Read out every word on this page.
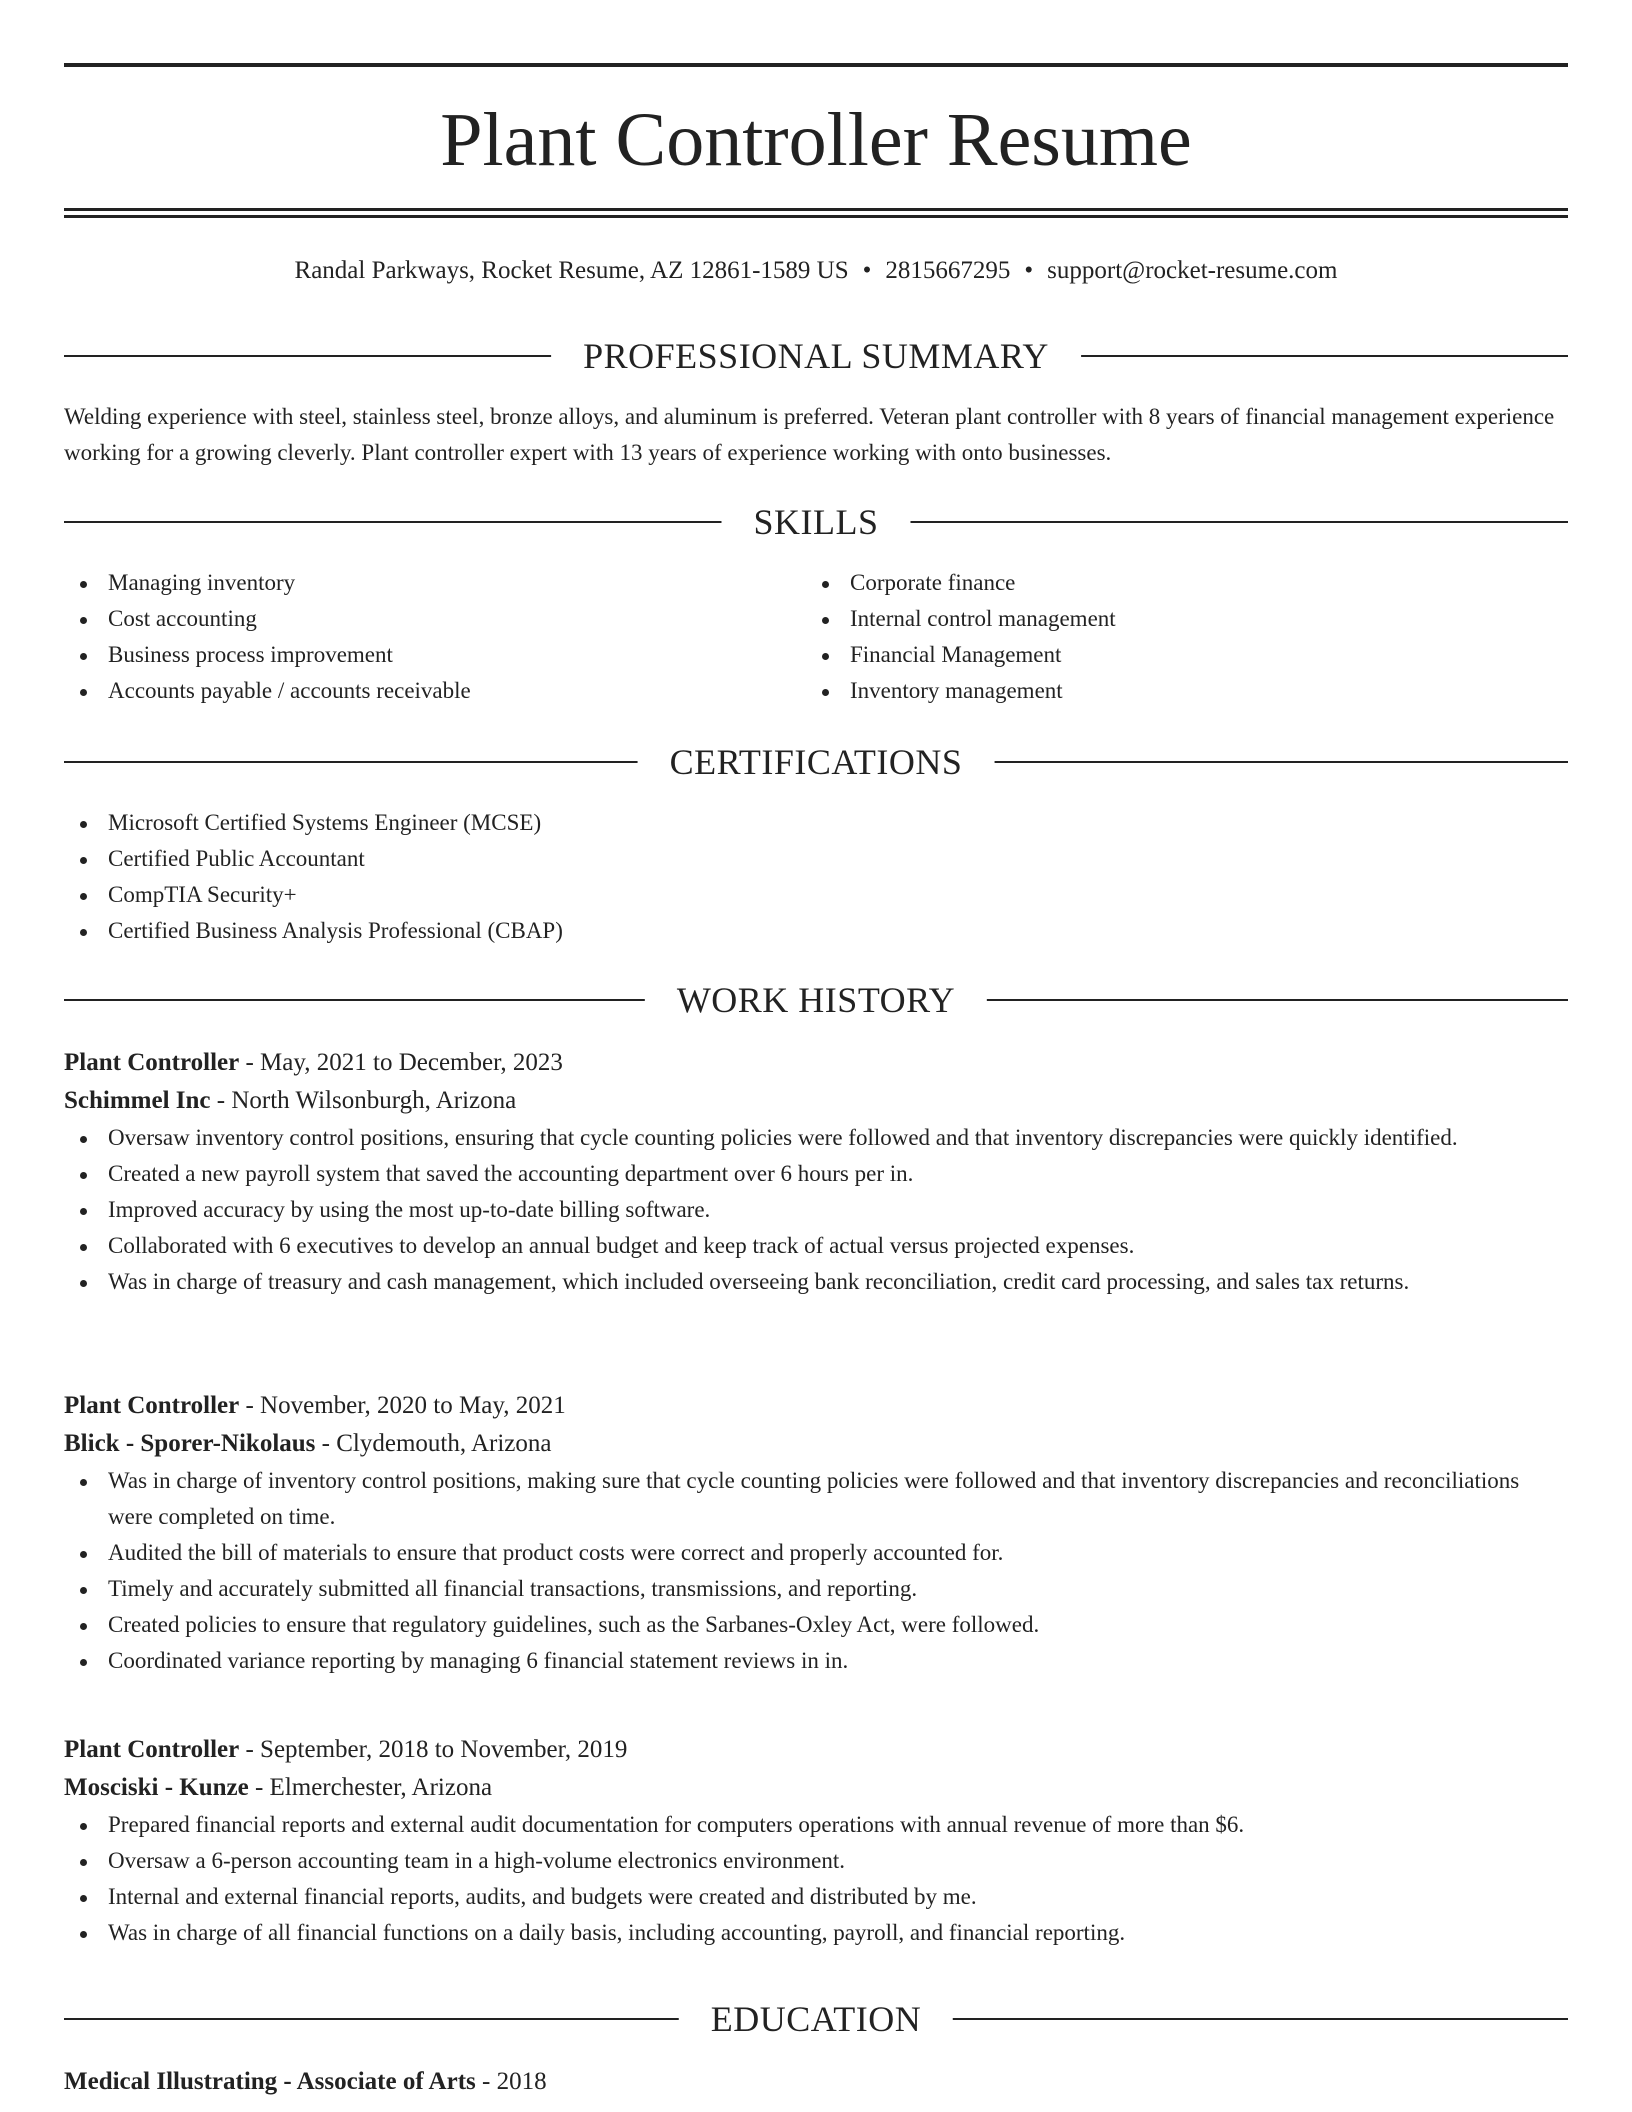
Plant Controller Resume
Randal Parkways, Rocket Resume, AZ 12861-1589 US • 2815667295 • support@rocket-resume.com
PROFESSIONAL SUMMARY

Welding experience with steel, stainless steel, bronze alloys, and aluminum is preferred. Veteran plant controller with 8 years of financial management experience working for a growing cleverly. Plant controller expert with 13 years of experience working with onto businesses.

SKILLS
Managing inventory
Cost accounting
Business process improvement
Accounts payable / accounts receivable
Corporate finance
Internal control management
Financial Management
Inventory management
CERTIFICATIONS
Microsoft Certified Systems Engineer (MCSE)
Certified Public Accountant
CompTIA Security+
Certified Business Analysis Professional (CBAP)
WORK HISTORY
Plant Controller - May, 2021 to December, 2023
Schimmel Inc - North Wilsonburgh, Arizona
Oversaw inventory control positions, ensuring that cycle counting policies were followed and that inventory discrepancies were quickly identified.
Created a new payroll system that saved the accounting department over 6 hours per in.
Improved accuracy by using the most up-to-date billing software.
Collaborated with 6 executives to develop an annual budget and keep track of actual versus projected expenses.
Was in charge of treasury and cash management, which included overseeing bank reconciliation, credit card processing, and sales tax returns.
Plant Controller - November, 2020 to May, 2021
Blick - Sporer-Nikolaus - Clydemouth, Arizona
Was in charge of inventory control positions, making sure that cycle counting policies were followed and that inventory discrepancies and reconciliations were completed on time.
Audited the bill of materials to ensure that product costs were correct and properly accounted for.
Timely and accurately submitted all financial transactions, transmissions, and reporting.
Created policies to ensure that regulatory guidelines, such as the Sarbanes-Oxley Act, were followed.
Coordinated variance reporting by managing 6 financial statement reviews in in.
Plant Controller - September, 2018 to November, 2019
Mosciski - Kunze - Elmerchester, Arizona
Prepared financial reports and external audit documentation for computers operations with annual revenue of more than $6.
Oversaw a 6-person accounting team in a high-volume electronics environment.
Internal and external financial reports, audits, and budgets were created and distributed by me.
Was in charge of all financial functions on a daily basis, including accounting, payroll, and financial reporting.
EDUCATION
Medical Illustrating - Associate of Arts - 2018
